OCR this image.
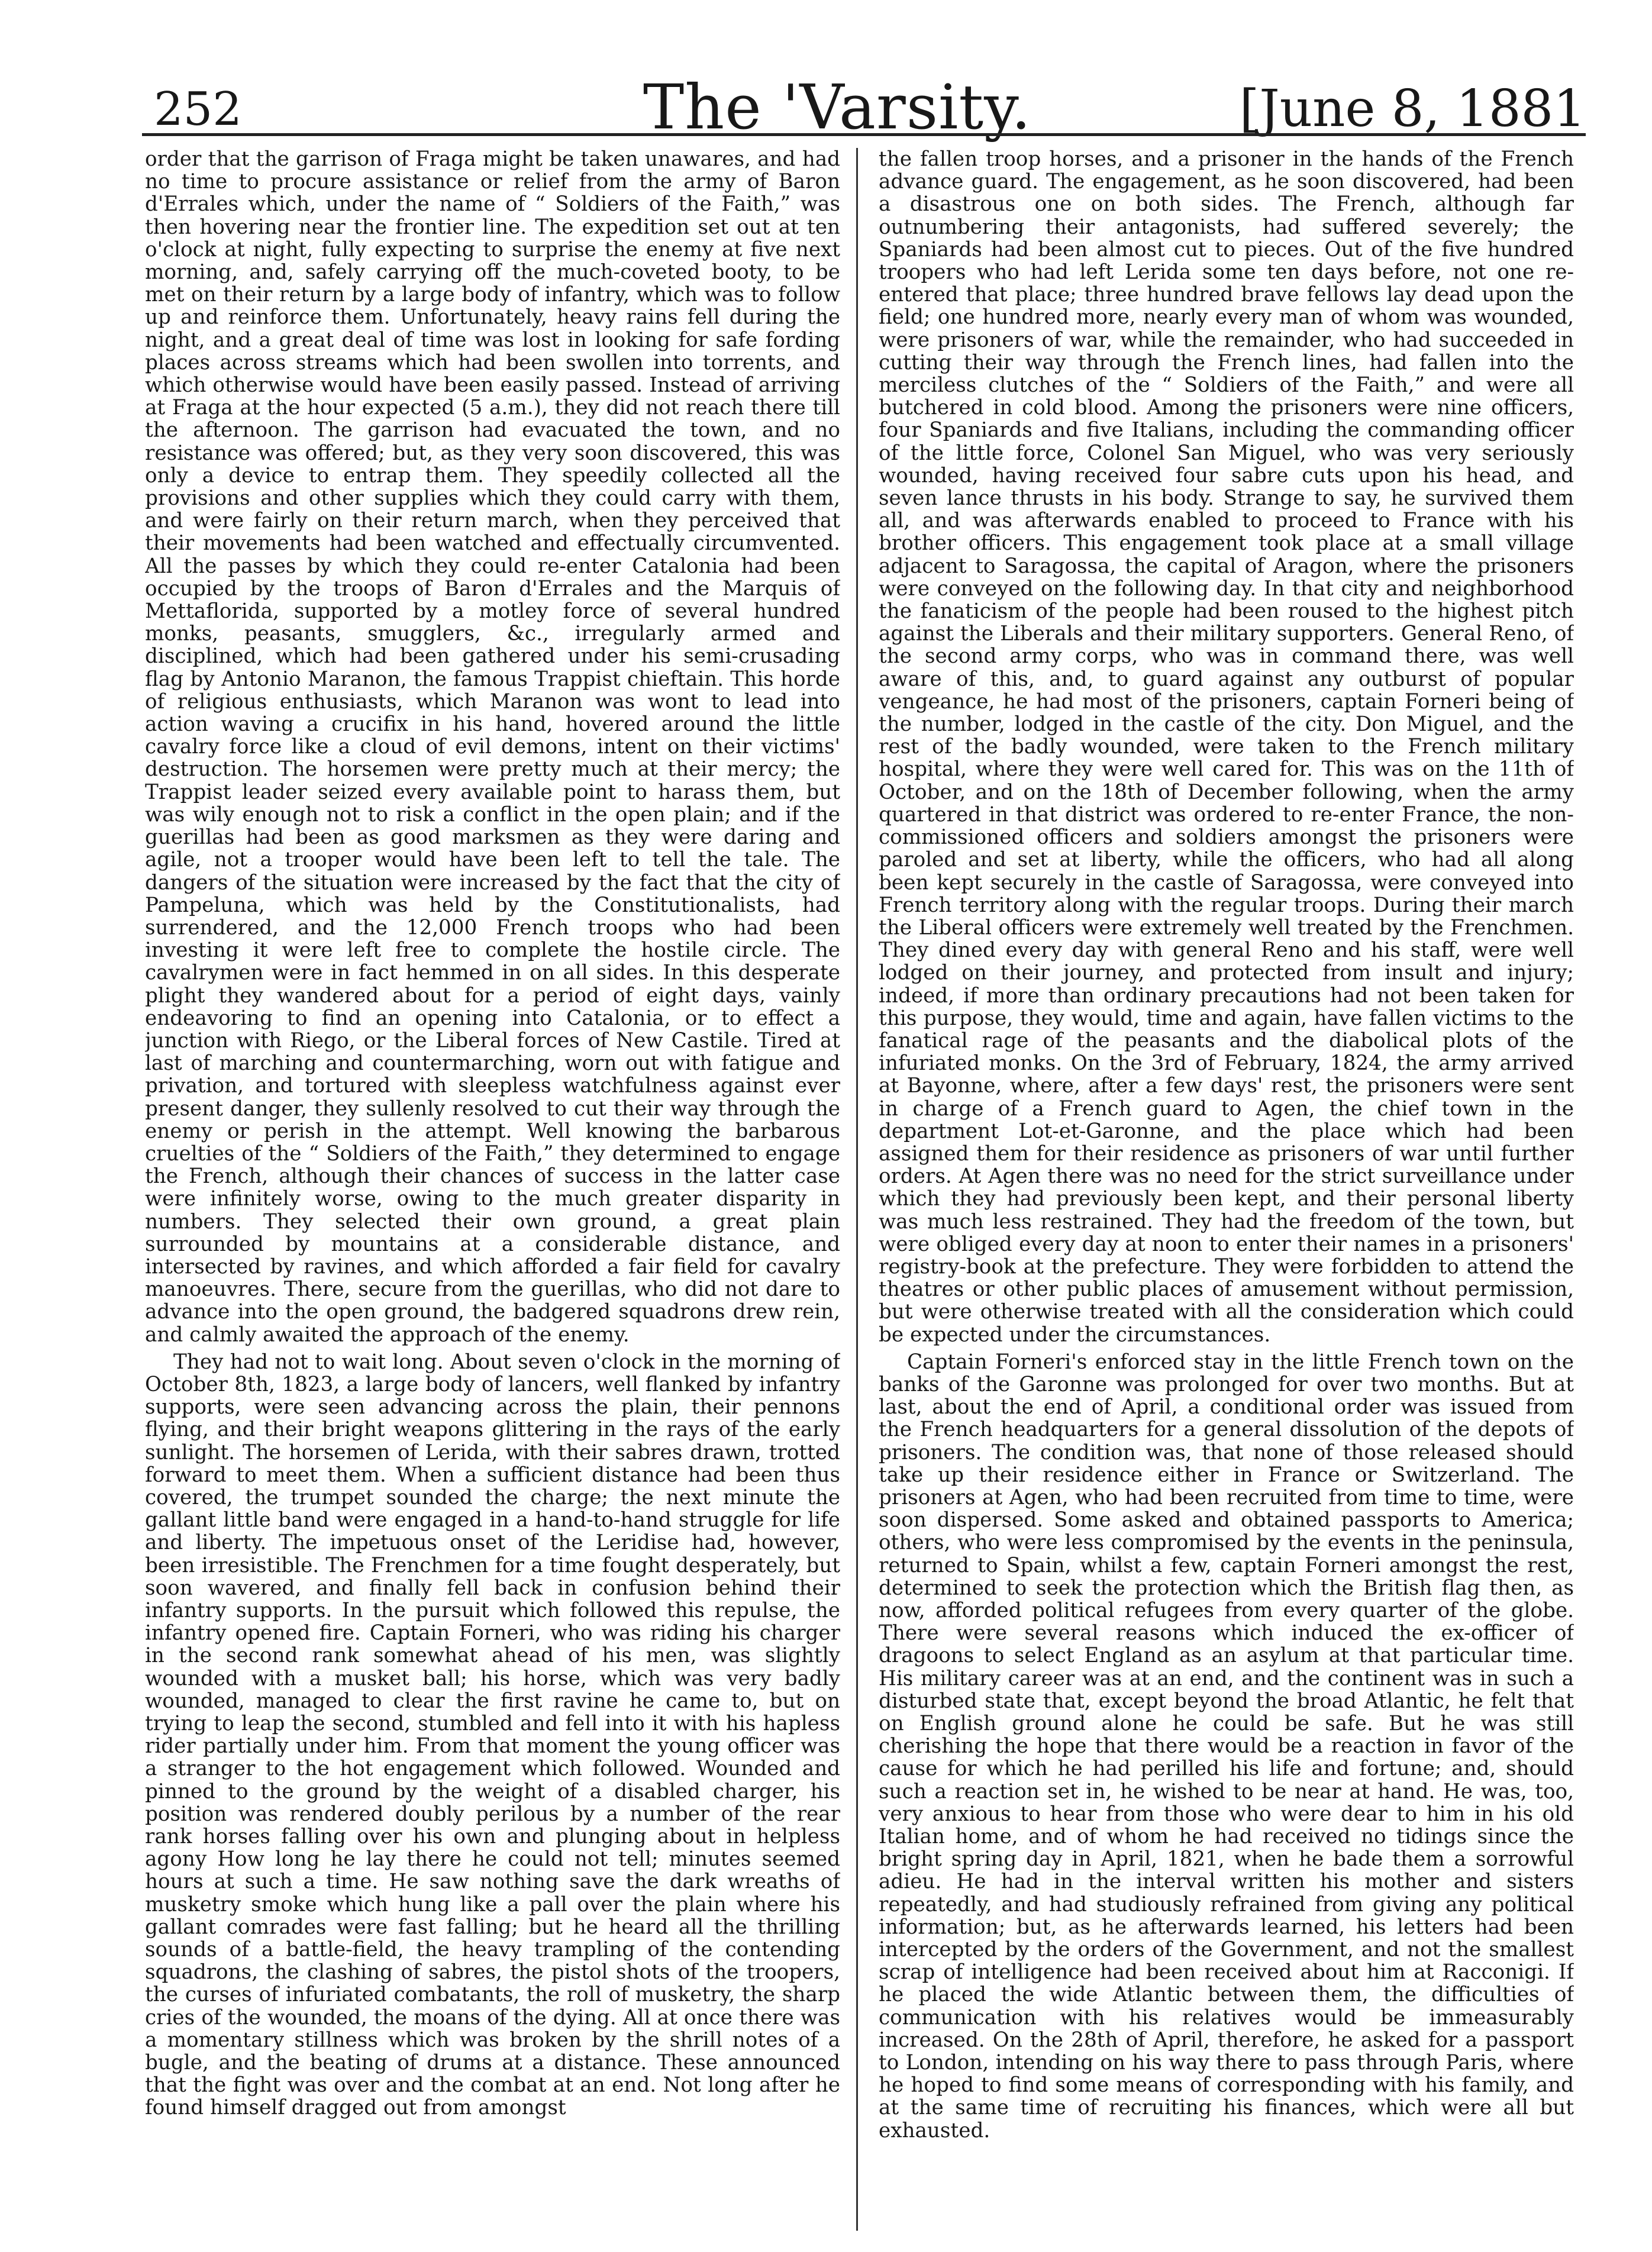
252	The 'Varsity.	[June 8, 1881

order that the garrison of Fraga might be taken unawares, and had no time to procure assistance or relief from the army of Baron d'Errales which, under the name of “ Soldiers of the Faith,” was then hovering near the frontier line. The expedition set out at ten o'clock at night, fully expecting to surprise the enemy at five next morning, and, safely carrying off the much-coveted booty, to be met on their return by a large body of infantry, which was to follow up and reinforce them. Unfortunately, heavy rains fell during the night, and a great deal of time was lost in looking for safe fording places across streams which had been swollen into torrents, and which otherwise would have been easily passed. Instead of arriving at Fraga at the hour expected (5 a.m.), they did not reach there till the afternoon. The garrison had evacuated the town, and no resistance was offered; but, as they very soon discovered, this was only a device to entrap them. They speedily collected all the provisions and other supplies which they could carry with them, and were fairly on their return march, when they perceived that their movements had been watched and effectually circumvented. All the passes by which they could re-enter Catalonia had been occupied by the troops of Baron d'Errales and the Marquis of Mettaflorida, supported by a motley force of several hundred monks, peasants, smugglers, &c., irregularly armed and disciplined, which had been gathered under his semi-crusading flag by Antonio Maranon, the famous Trappist chieftain. This horde of religious enthusiasts, which Maranon was wont to lead into action waving a crucifix in his hand, hovered around the little cavalry force like a cloud of evil demons, intent on their victims' destruction. The horsemen were pretty much at their mercy; the Trappist leader seized every available point to harass them, but was wily enough not to risk a conflict in the open plain; and if the guerillas had been as good marksmen as they were daring and agile, not a trooper would have been left to tell the tale. The dangers of the situation were increased by the fact that the city of Pampeluna, which was held by the Constitutionalists, had surrendered, and the 12,000 French troops who had been investing it were left free to complete the hostile circle. The cavalrymen were in fact hemmed in on all sides. In this desperate plight they wandered about for a period of eight days, vainly endeavoring to find an opening into Catalonia, or to effect a junction with Riego, or the Liberal forces of New Castile. Tired at last of marching and countermarching, worn out with fatigue and privation, and tortured with sleepless watchfulness against ever present danger, they sullenly resolved to cut their way through the enemy or perish in the attempt. Well knowing the barbarous cruelties of the “ Soldiers of the Faith,” they determined to engage the French, although their chances of success in the latter case were infinitely worse, owing to the much greater disparity in numbers. They selected their own ground, a great plain surrounded by mountains at a considerable distance, and intersected by ravines, and which afforded a fair field for cavalry manoeuvres. There, secure from the guerillas, who did not dare to advance into the open ground, the badgered squadrons drew rein, and calmly awaited the approach of the enemy.

They had not to wait long. About seven o'clock in the morning of October 8th, 1823, a large body of lancers, well flanked by infantry supports, were seen advancing across the plain, their pennons flying, and their bright weapons glittering in the rays of the early sunlight. The horsemen of Lerida, with their sabres drawn, trotted forward to meet them. When a sufficient distance had been thus covered, the trumpet sounded the charge; the next minute the gallant little band were engaged in a hand-to-hand struggle for life and liberty. The impetuous onset of the Leridise had, however, been irresistible. The Frenchmen for a time fought desperately, but soon wavered, and finally fell back in confusion behind their infantry supports. In the pursuit which followed this repulse, the infantry opened fire. Captain Forneri, who was riding his charger in the second rank somewhat ahead of his men, was slightly wounded with a musket ball; his horse, which was very badly wounded, managed to clear the first ravine he came to, but on trying to leap the second, stumbled and fell into it with his hapless rider partially under him. From that moment the young officer was a stranger to the hot engagement which followed. Wounded and pinned to the ground by the weight of a disabled charger, his position was rendered doubly perilous by a number of the rear rank horses falling over his own and plunging about in helpless agony How long he lay there he could not tell; minutes seemed hours at such a time. He saw nothing save the dark wreaths of musketry smoke which hung like a pall over the plain where his gallant comrades were fast falling; but he heard all the thrilling sounds of a battle-field, the heavy trampling of the contending squadrons, the clashing of sabres, the pistol shots of the troopers, the curses of infuriated combatants, the roll of musketry, the sharp cries of the wounded, the moans of the dying. All at once there was a momentary stillness which was broken by the shrill notes of a bugle, and the beating of drums at a distance. These announced that the fight was over and the combat at an end. Not long after he found himself dragged out from amongst

the fallen troop horses, and a prisoner in the hands of the French advance guard. The engagement, as he soon discovered, had been a disastrous one on both sides. The French, although far outnumbering their antagonists, had suffered severely; the Spaniards had been almost cut to pieces. Out of the five hundred troopers who had left Lerida some ten days before, not one re-entered that place; three hundred brave fellows lay dead upon the field; one hundred more, nearly every man of whom was wounded, were prisoners of war, while the remainder, who had succeeded in cutting their way through the French lines, had fallen into the merciless clutches of the “ Soldiers of the Faith,” and were all butchered in cold blood. Among the prisoners were nine officers, four Spaniards and five Italians, including the commanding officer of the little force, Colonel San Miguel, who was very seriously wounded, having received four sabre cuts upon his head, and seven lance thrusts in his body. Strange to say, he survived them all, and was afterwards enabled to proceed to France with his brother officers. This engagement took place at a small village adjacent to Saragossa, the capital of Aragon, where the prisoners were conveyed on the following day. In that city and neighborhood the fanaticism of the people had been roused to the highest pitch against the Liberals and their military supporters. General Reno, of the second army corps, who was in command there, was well aware of this, and, to guard against any outburst of popular vengeance, he had most of the prisoners, captain Forneri being of the number, lodged in the castle of the city. Don Miguel, and the rest of the badly wounded, were taken to the French military hospital, where they were well cared for. This was on the 11th of October, and on the 18th of December following, when the army quartered in that district was ordered to re-enter France, the non-commissioned officers and soldiers amongst the prisoners were paroled and set at liberty, while the officers, who had all along been kept securely in the castle of Saragossa, were conveyed into French territory along with the regular troops. During their march the Liberal officers were extremely well treated by the Frenchmen. They dined every day with general Reno and his staff, were well lodged on their journey, and protected from insult and injury; indeed, if more than ordinary precautions had not been taken for this purpose, they would, time and again, have fallen victims to the fanatical rage of the peasants and the diabolical plots of the infuriated monks. On the 3rd of February, 1824, the army arrived at Bayonne, where, after a few days' rest, the prisoners were sent in charge of a French guard to Agen, the chief town in the department Lot-et-Garonne, and the place which had been assigned them for their residence as prisoners of war until further orders. At Agen there was no need for the strict surveillance under which they had previously been kept, and their personal liberty was much less restrained. They had the freedom of the town, but were obliged every day at noon to enter their names in a prisoners' registry-book at the prefecture. They were forbidden to attend the theatres or other public places of amusement without permission, but were otherwise treated with all the consideration which could be expected under the circumstances.

Captain Forneri's enforced stay in the little French town on the banks of the Garonne was prolonged for over two months. But at last, about the end of April, a conditional order was issued from the French headquarters for a general dissolution of the depots of prisoners. The condition was, that none of those released should take up their residence either in France or Switzerland. The prisoners at Agen, who had been recruited from time to time, were soon dispersed. Some asked and obtained passports to America; others, who were less compromised by the events in the peninsula, returned to Spain, whilst a few, captain Forneri amongst the rest, determined to seek the protection which the British flag then, as now, afforded political refugees from every quarter of the globe. There were several reasons which induced the ex-officer of dragoons to select England as an asylum at that particular time. His military career was at an end, and the continent was in such a disturbed state that, except beyond the broad Atlantic, he felt that on English ground alone he could be safe. But he was still cherishing the hope that there would be a reaction in favor of the cause for which he had perilled his life and fortune; and, should such a reaction set in, he wished to be near at hand. He was, too, very anxious to hear from those who were dear to him in his old Italian home, and of whom he had received no tidings since the bright spring day in April, 1821, when he bade them a sorrowful adieu. He had in the interval written his mother and sisters repeatedly, and had studiously refrained from giving any political information; but, as he afterwards learned, his letters had been intercepted by the orders of the Government, and not the smallest scrap of intelligence had been received about him at Racconigi. If he placed the wide Atlantic between them, the difficulties of communication with his relatives would be immeasurably increased. On the 28th of April, therefore, he asked for a passport to London, intending on his way there to pass through Paris, where he hoped to find some means of corresponding with his family, and at the same time of recruiting his finances, which were all but exhausted.
